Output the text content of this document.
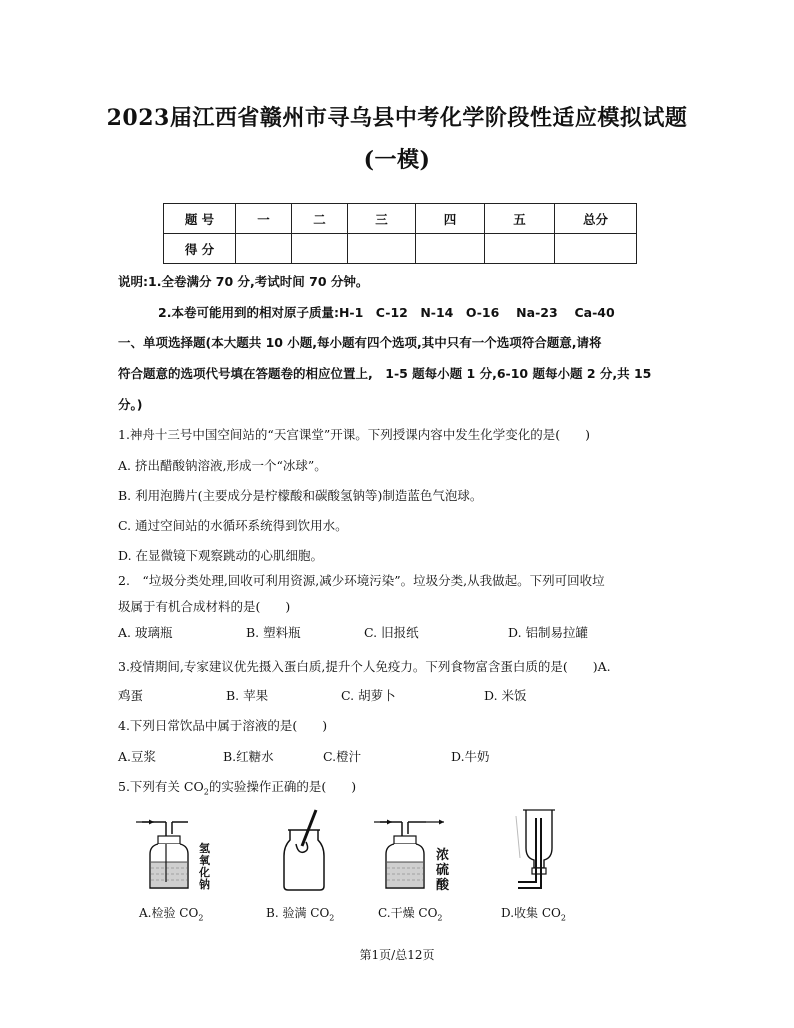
2023届江西省赣州市寻乌县中考化学阶段性适应模拟试题
(一模)
题 号	一	二	三	四	五	总分
得 分						
说明:1.全卷满分 70 分,考试时间 70 分钟。
2.本卷可能用到的相对原子质量:H-1　C-12　N-14　O-16　 Na-23　 Ca-40
一、单项选择题(本大题共 10 小题,每小题有四个选项,其中只有一个选项符合题意,请将
符合题意的选项代号填在答题卷的相应位置上,　1-5 题每小题 1 分,6-10 题每小题 2 分,共 15
分。)
1.神舟十三号中国空间站的“天宫课堂”开课。下列授课内容中发生化学变化的是(　　)
A. 挤出醋酸钠溶液,形成一个“冰球”。
B. 利用泡腾片(主要成分是柠檬酸和碳酸氢钠等)制造蓝色气泡球。
C. 通过空间站的水循环系统得到饮用水。
D. 在显微镜下观察跳动的心肌细胞。
2.　“垃圾分类处理,回收可利用资源,减少环境污染”。垃圾分类,从我做起。下列可回收垃
圾属于有机合成材料的是(　　)
A. 玻璃瓶	B. 塑料瓶	C. 旧报纸	D. 铝制易拉罐
3.疫情期间,专家建议优先摄入蛋白质,提升个人免疫力。下列食物富含蛋白质的是(　　)A.
鸡蛋	B. 苹果	C. 胡萝卜	D. 米饭
4.下列日常饮品中属于溶液的是(　　)
A.豆浆	B.红糖水	C.橙汁	D.牛奶
5.下列有关 $CO_2$的实验操作正确的是(　　)
氢氧化钠
浓硫酸
A.检验 $CO_2$	B. 验满 $CO_2$	C.干燥 $CO_2$	D.收集 $CO_2$
第1页/总12页
